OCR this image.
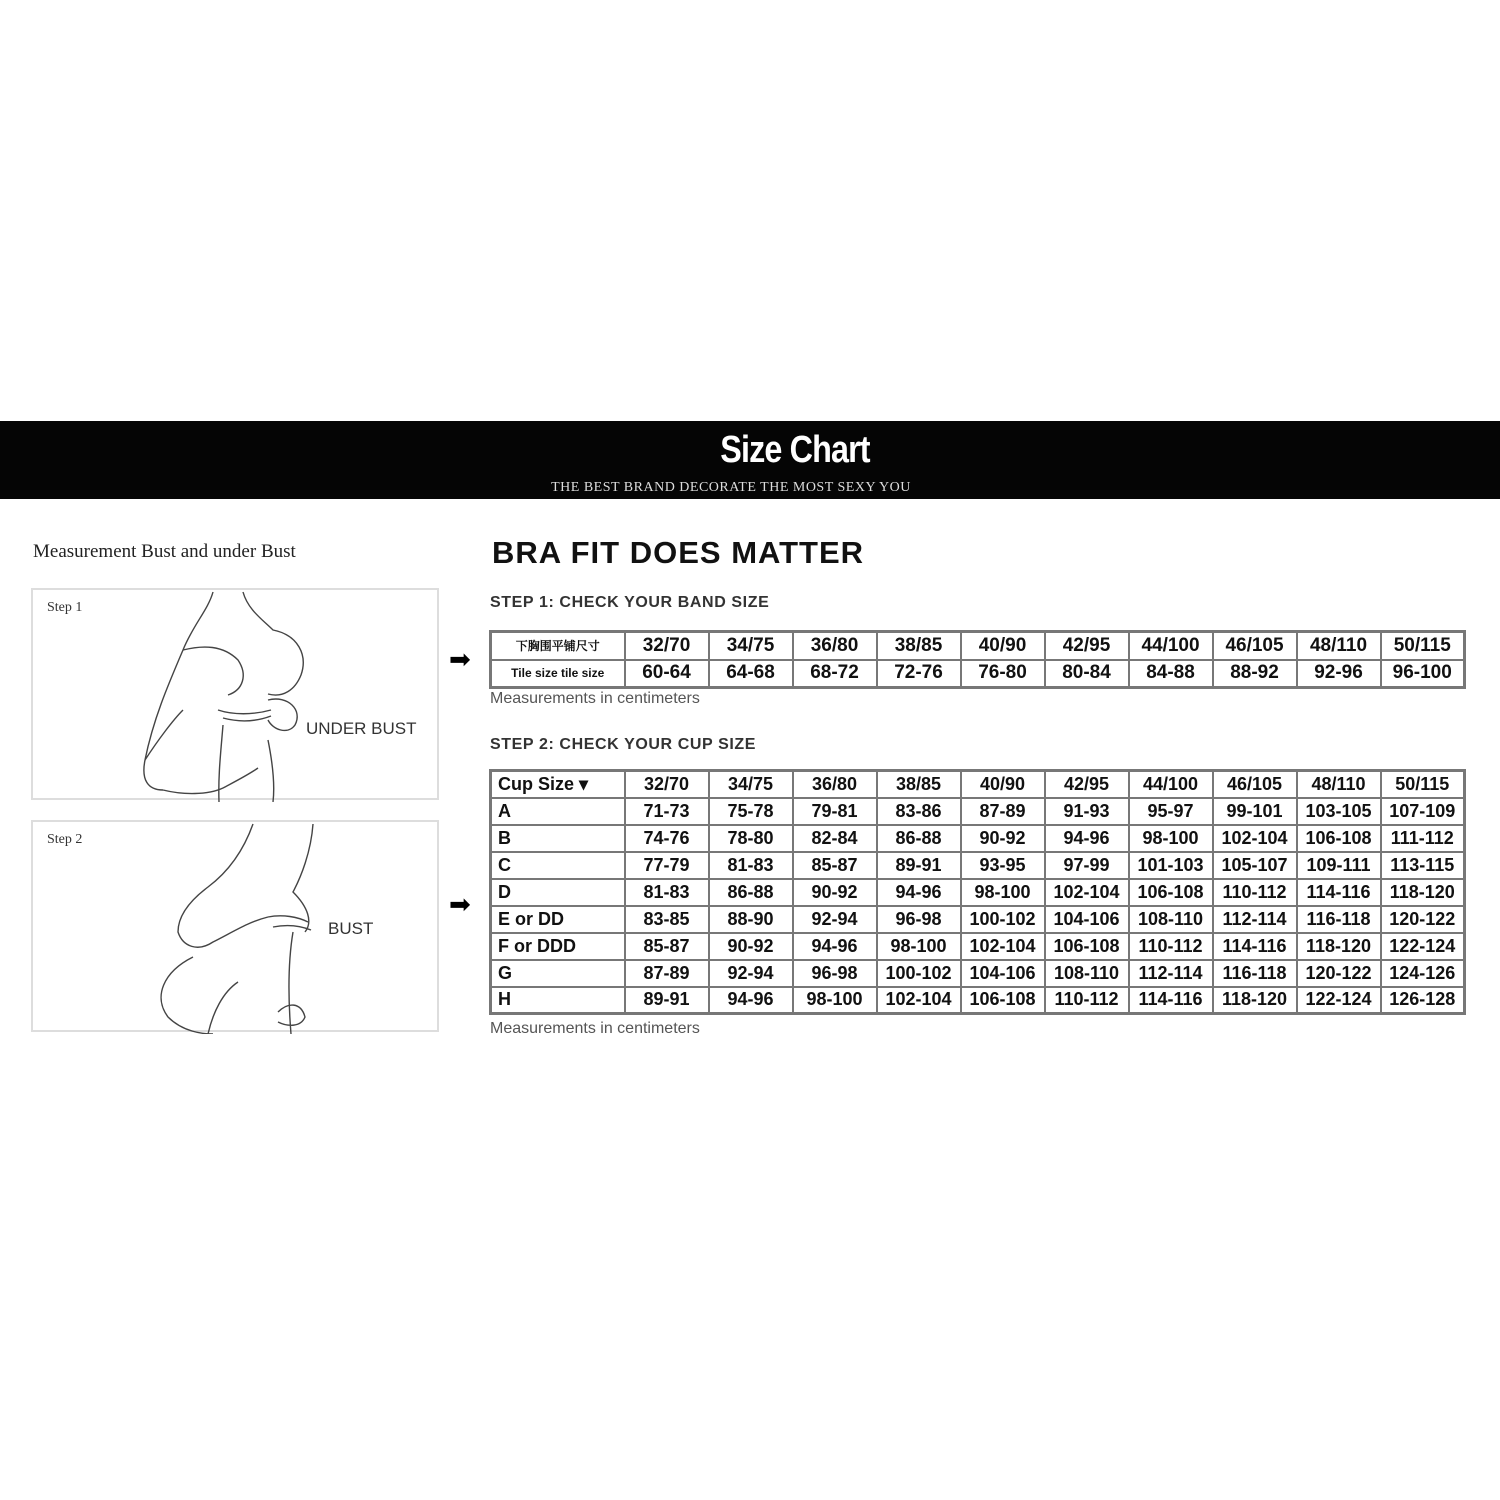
Size Chart
THE BEST BRAND DECORATE THE MOST SEXY YOU
Measurement Bust and under Bust
Step 1
UNDER BUST
Step 2
BUST
➡
➡
BRA FIT DOES MATTER
STEP 1: CHECK YOUR BAND SIZE
下胸围平铺尺寸	32/70	34/75	36/80	38/85	40/90	42/95	44/100	46/105	48/110	50/115
Tile size tile size	60-64	64-68	68-72	72-76	76-80	80-84	84-88	88-92	92-96	96-100
Measurements in centimeters
STEP 2: CHECK YOUR CUP SIZE
Cup Size ▾	32/70	34/75	36/80	38/85	40/90	42/95	44/100	46/105	48/110	50/115
A	71-73	75-78	79-81	83-86	87-89	91-93	95-97	99-101	103-105	107-109
B	74-76	78-80	82-84	86-88	90-92	94-96	98-100	102-104	106-108	111-112
C	77-79	81-83	85-87	89-91	93-95	97-99	101-103	105-107	109-111	113-115
D	81-83	86-88	90-92	94-96	98-100	102-104	106-108	110-112	114-116	118-120
E or DD	83-85	88-90	92-94	96-98	100-102	104-106	108-110	112-114	116-118	120-122
F or DDD	85-87	90-92	94-96	98-100	102-104	106-108	110-112	114-116	118-120	122-124
G	87-89	92-94	96-98	100-102	104-106	108-110	112-114	116-118	120-122	124-126
H	89-91	94-96	98-100	102-104	106-108	110-112	114-116	118-120	122-124	126-128
Measurements in centimeters
